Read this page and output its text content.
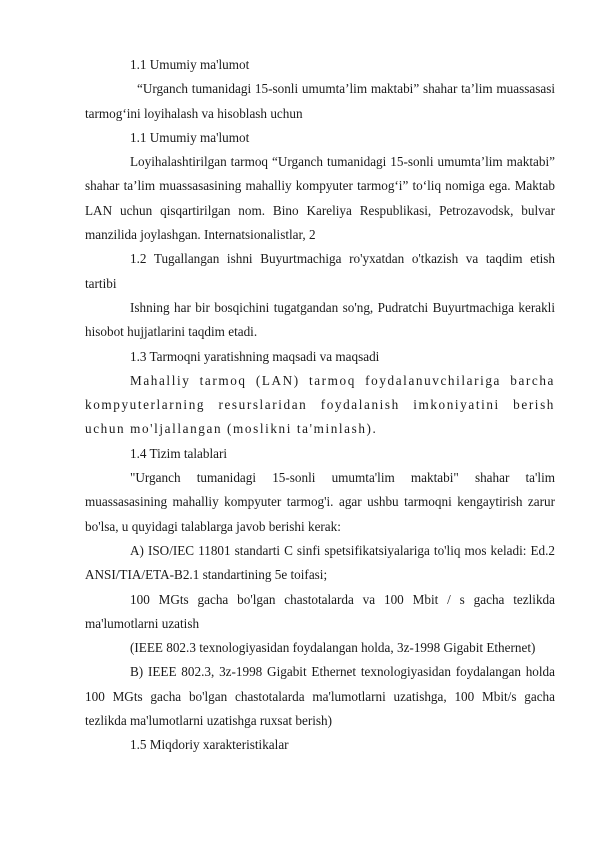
1.1 Umumiy ma'lumot

“Urganch tumanidagi 15-sonli umumta’lim maktabi” shahar ta’lim muassasasi tarmog‘ini loyihalash va hisoblash uchun

1.1 Umumiy ma'lumot

Loyihalashtirilgan tarmoq “Urganch tumanidagi 15-sonli umumta’lim maktabi” shahar ta’lim muassasasining mahalliy kompyuter tarmog‘i” to‘liq nomiga ega. Maktab LAN uchun qisqartirilgan nom. Bino Kareliya Respublikasi, Petrozavodsk, bulvar manzilida joylashgan. Internatsionalistlar, 2

1.2 Tugallangan ishni Buyurtmachiga ro'yxatdan o'tkazish va taqdim etish tartibi

Ishning har bir bosqichini tugatgandan so'ng, Pudratchi Buyurtmachiga kerakli hisobot hujjatlarini taqdim etadi.

1.3 Tarmoqni yaratishning maqsadi va maqsadi

Mahalliy tarmoq (LAN) tarmoq foydalanuvchilariga barcha kompyuterlarning resurslaridan foydalanish imkoniyatini berish uchun mo'ljallangan (moslikni ta'minlash).

1.4 Tizim talablari

"Urganch tumanidagi 15-sonli umumta'lim maktabi" shahar ta'lim muassasasining mahalliy kompyuter tarmog'i. agar ushbu tarmoqni kengaytirish zarur bo'lsa, u quyidagi talablarga javob berishi kerak:

A) ISO/IEC 11801 standarti C sinfi spetsifikatsiyalariga to'liq mos keladi: Ed.2 ANSI/TIA/ETA-B2.1 standartining 5e toifasi;

100 MGts gacha bo'lgan chastotalarda va 100 Mbit / s gacha tezlikda ma'lumotlarni uzatish

(IEEE 802.3 texnologiyasidan foydalangan holda, 3z-1998 Gigabit Ethernet)

B) IEEE 802.3, 3z-1998 Gigabit Ethernet texnologiyasidan foydalangan holda 100 MGts gacha bo'lgan chastotalarda ma'lumotlarni uzatishga, 100 Mbit/s gacha tezlikda ma'lumotlarni uzatishga ruxsat berish)

1.5 Miqdoriy xarakteristikalar
